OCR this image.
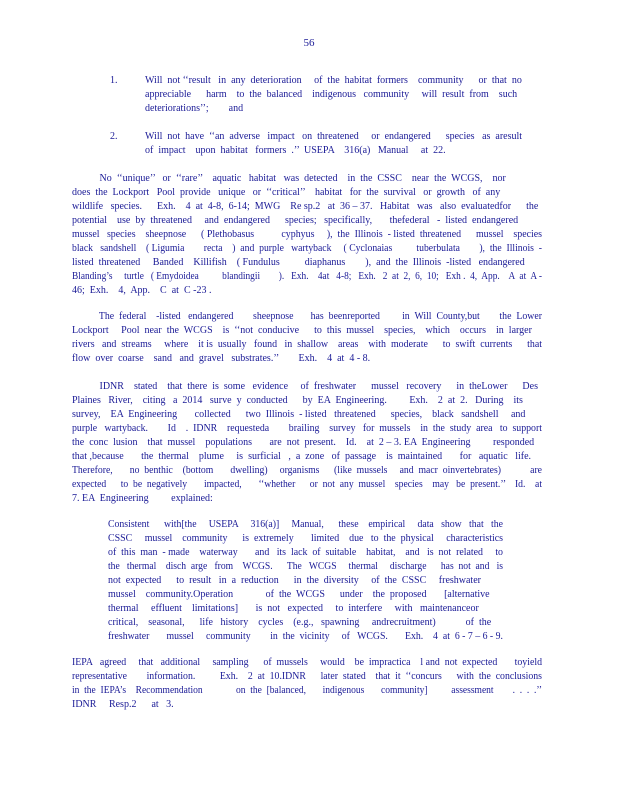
56
1.	Will  not ‘‘result   in  any  deterioration     of  the  habitat  formers    community      or  that  no
appreciable      harm    to  the  balanced    indigenous   community     will  result  from    such
deteriorations’’;        and
2.	Will  not  have  ‘‘an  adverse   impact   on  threatened     or  endangered      species   as  aresult
of  impact    upon  habitat   formers  .’’  USEPA    316(a)   Manual     at  22.
No  ‘‘unique’’   or  ‘‘rare’’    aquatic   habitat   was  detected    in  the  CSSC    near  the  WCGS,    nor
does  the  Lockport   Pool  provide   unique   or  ‘‘critical’’    habitat   for  the  survival   or  growth   of  any
wildlife   species.      Exh.    4  at  4-8,  6-14;  MWG    Re sp.2   at  36 – 37.   Habitat   was   also  evaluatedfor      the
potential    use  by  threatened     and  endangered      species;   specifically,       thefederal   -  listed  endangered
mussel   species    sheepnose      ( Plethobasus           cyphyus     ),  the  Illinois  - listed  threatened      mussel    species
black   sandshell    ( Ligumia        recta    )  and  purple   wartyback     ( Cyclonaias          tuberbulata        ),  the  Illinois  -
listed  threatened     Banded    Killifish    ( Fundulus          diaphanus        ),  and  the  Illinois  -listed   endangered
Blanding’s     turtle   ( Emydoidea          blandingii        ).   Exh.    4at   4-8;   Exh.   2  at  2,  6,  10;   Exh .  4,  App.    A  at  A -
46;  Exh.    4,  App.    C  at  C -23 .
The  federal    -listed   endangered        sheepnose       has  beenreported         in  Will  County,but        the  Lower
Lockport     Pool  near  the  WCGS    is  ‘‘not  conducive      to  this  mussel    species,    which    occurs    in  larger
rivers   and  streams     where    it is  usually   found   in  shallow    areas    with  moderate      to  swift  currents      that
flow  over  coarse    sand   and  gravel   substrates.’’        Exh.    4  at  4 - 8.
IDNR    stated    that  there  is  some   evidence     of  freshwater      mussel   recovery      in  theLower      Des
Plaines   River,    citing   a  2014   surve  y  conducted      by  EA  Engineering.         Exh.    2  at  2.   During    its
survey,    EA  Engineering       collected      two  Illinois  - listed   threatened      species,    black   sandshell     and
purple   wartyback.        Id    .  IDNR    requesteda        brailing    survey   for  mussels    in  the  study  area   to  support
the  conc  lusion    that  mussel    populations       are  not  present.    Id.    at  2 – 3. EA  Engineering         responded
that ,because       the  thermal    plume     is  surficial   ,  a  zone   of  passage    is  maintained       for   aquatic   life.
Therefore,       no  benthic    (bottom       dwelling)     organisms      (like  mussels     and  macr  oinvertebrates)            are
expected      to  be  negatively       impacted,       ‘‘whether      or  not  any  mussel    species    may   be  present.’’    Id.    at
7. EA  Engineering         explained:
Consistent      with[the     USEPA     316(a)]     Manual,      these    empirical     data   show   that   the
CSSC     mussel    community      is  extremely       limited    due   to  the  physical     characteristics
of  this  man  - made    waterway       and   its  lack  of  suitable    habitat,    and   is  not  related     to
the   thermal    disch  arge   from    WCGS.      The   WCGS     thermal     discharge      has  not  and   is
not  expected      to  result   in  a  reduction      in  the  diversity     of  the  CSSC     freshwater
mussel    community.Operation             of  the  WCGS      under    the  proposed       [alternative
thermal     effluent    limitations]       is  not   expected     to  interfere     with   maintenanceor
critical,    seasonal,      life   history    cycles    (e.g.,   spawning     andrecruitment)            of  the
freshwater       mussel     community        in  the  vicinity     of   WCGS.       Exh.    4  at  6 - 7 – 6 - 9.
IEPA   agreed     that   additional     sampling      of  mussels     would    be  impractica    l and  not  expected       toyield
representative        information.          Exh.    2  at  10.IDNR      later  stated    that  it  ‘‘concurs      with  the  conclusions
in  the  IEPA’s    Recommendation              on  the  [balanced,       indigenous       community]          assessment        .  .  .  .’’
IDNR     Resp.2      at   3.
